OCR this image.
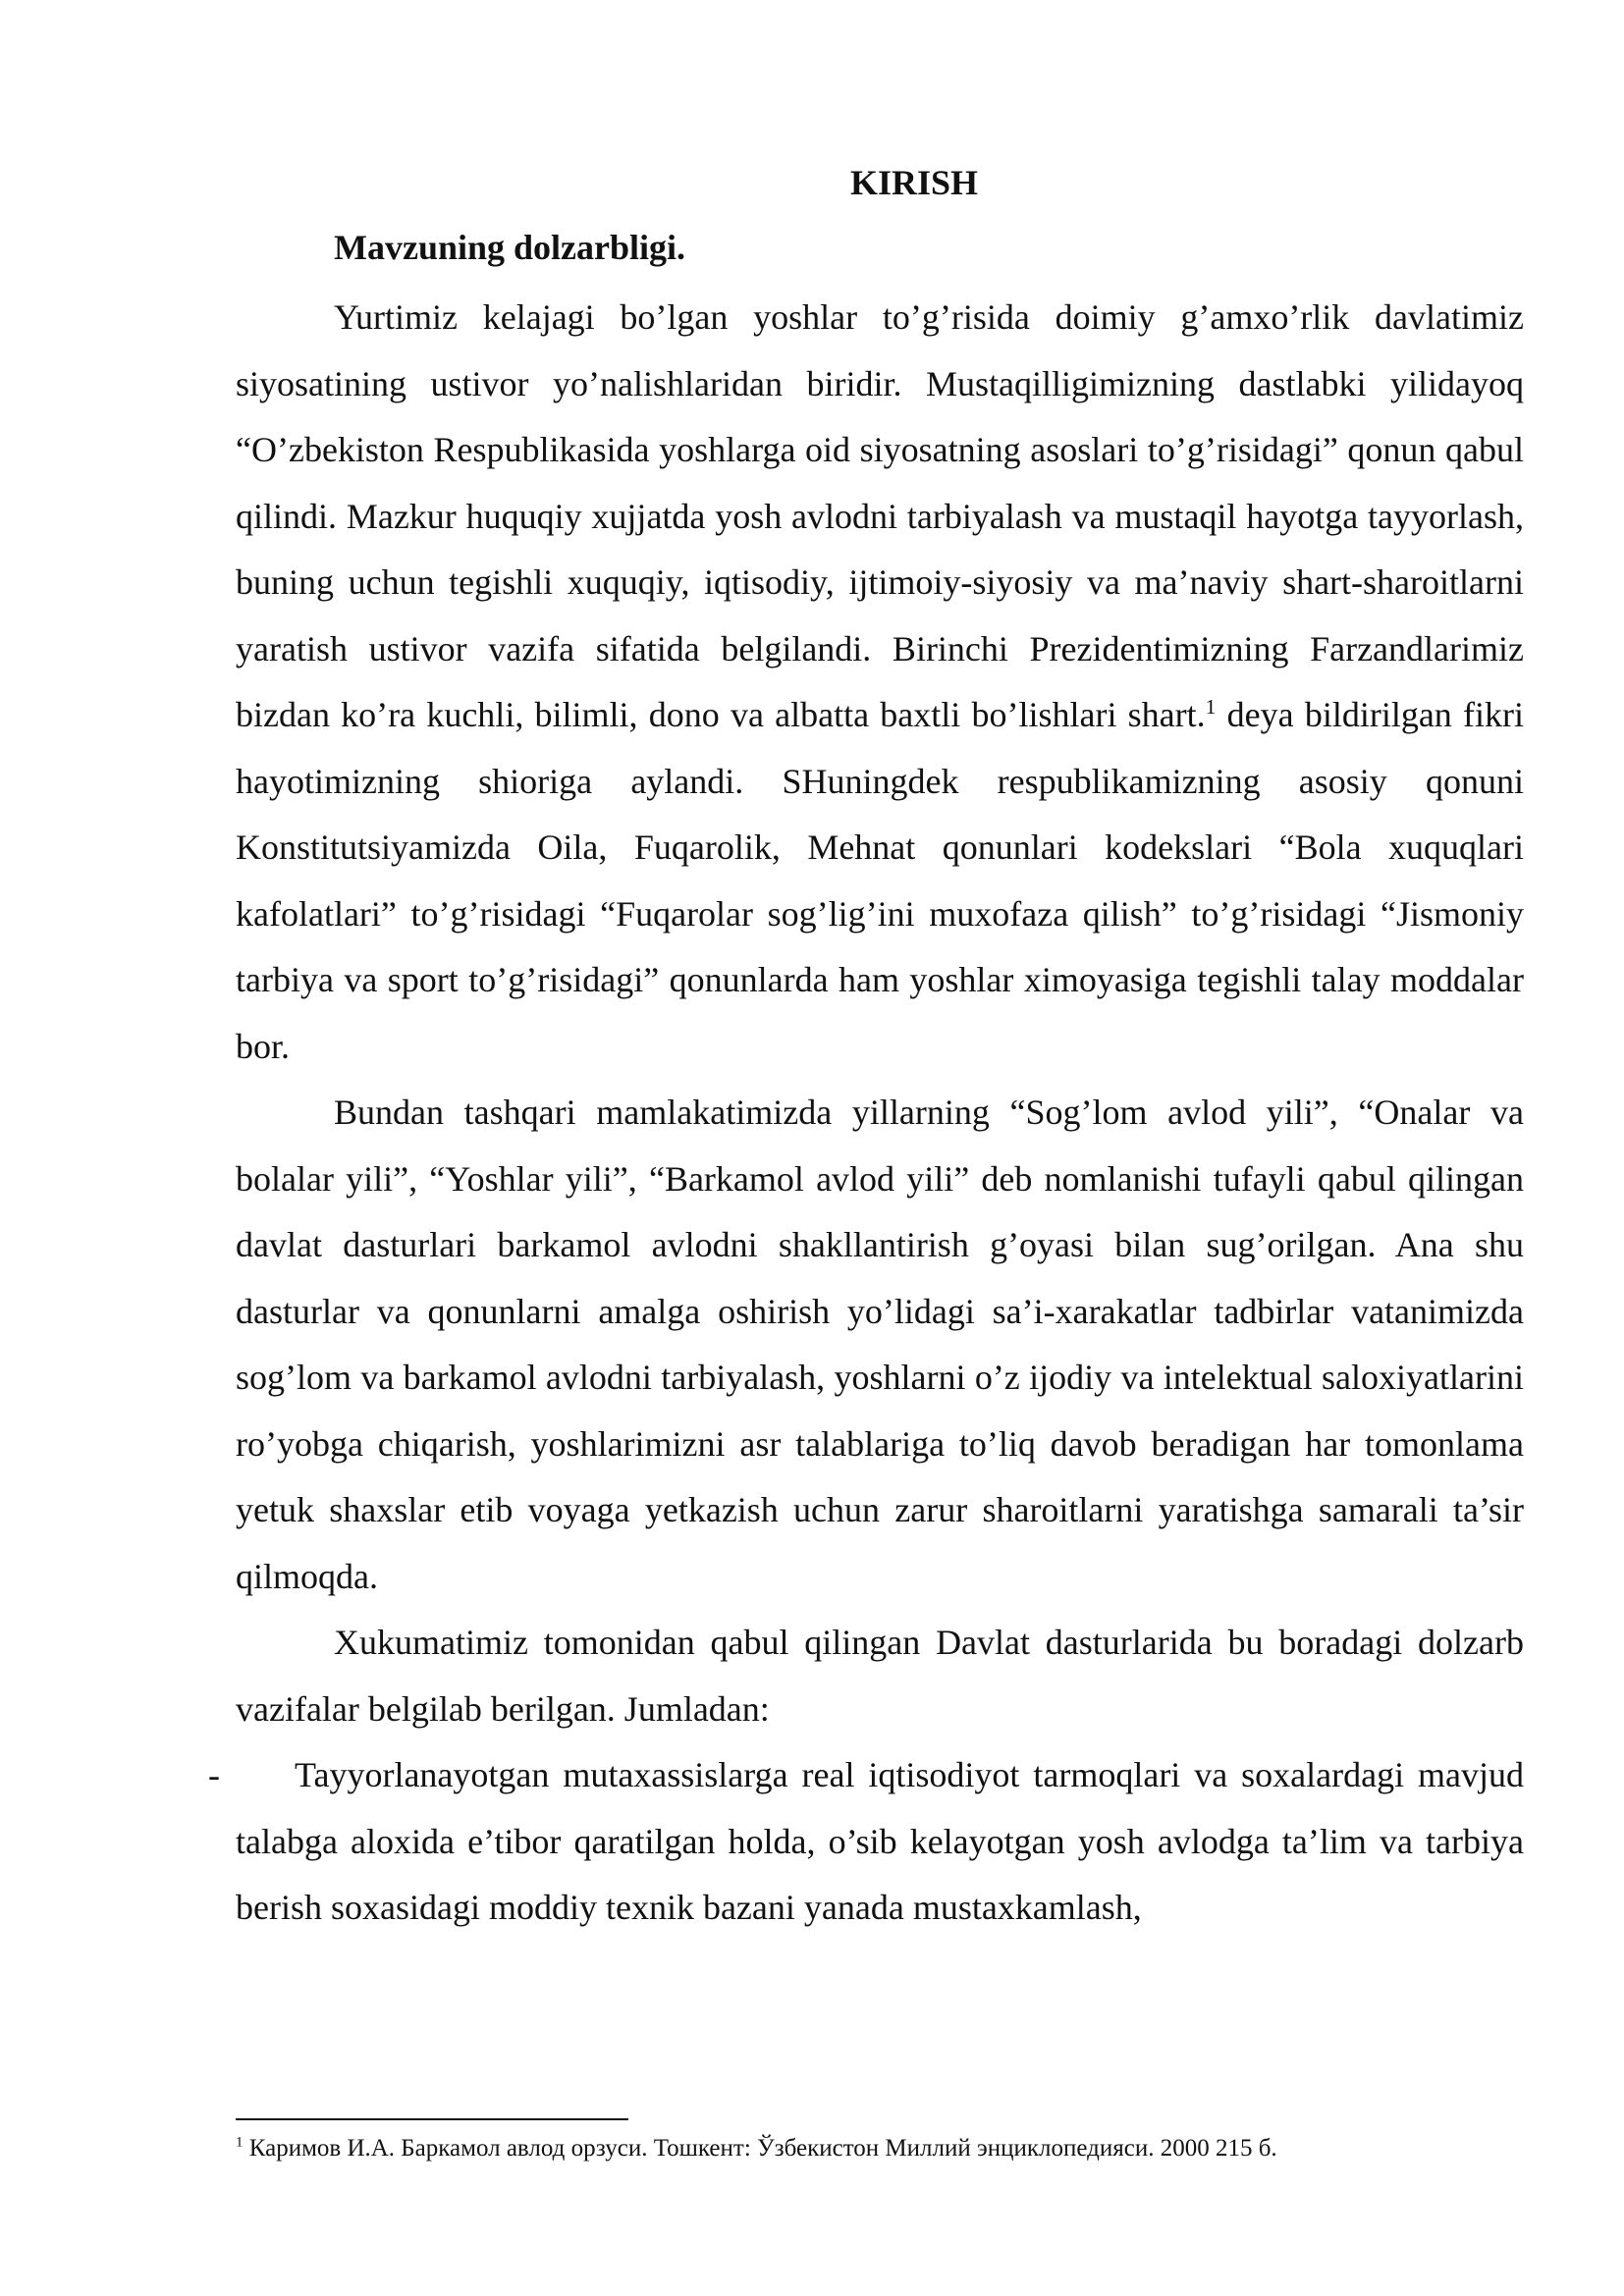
KIRISH
Mavzuning dolzarbligi.

Yurtimiz kelajagi bo’lgan yoshlar to’g’risida doimiy g’amxo’rlik davlatimiz siyosatining ustivor yo’nalishlaridan biridir. Mustaqilligimizning dastlabki yilidayoq “O’zbekiston Respublikasida yoshlarga oid siyosatning asoslari to’g’risidagi” qonun qabul qilindi. Mazkur huquqiy xujjatda yosh avlodni tarbiyalash va mustaqil hayotga tayyorlash, buning uchun tegishli xuquqiy, iqtisodiy, ijtimoiy-siyosiy va ma’naviy shart-sharoitlarni yaratish ustivor vazifa sifatida belgilandi. Birinchi Prezidentimizning Farzandlarimiz bizdan ko’ra kuchli, bilimli, dono va albatta baxtli bo’lishlari shart.$^1$ deya bildirilgan fikri hayotimizning shioriga aylandi. SHuningdek respublikamizning asosiy qonuni Konstitutsiyamizda Oila, Fuqarolik, Mehnat qonunlari kodekslari “Bola xuquqlari kafolatlari” to’g’risidagi “Fuqarolar sog’lig’ini muxofaza qilish” to’g’risidagi “Jismoniy tarbiya va sport to’g’risidagi” qonunlarda ham yoshlar ximoyasiga tegishli talay moddalar bor.

Bundan tashqari mamlakatimizda yillarning “Sog’lom avlod yili”, “Onalar va bolalar yili”, “Yoshlar yili”, “Barkamol avlod yili” deb nomlanishi tufayli qabul qilingan davlat dasturlari barkamol avlodni shakllantirish g’oyasi bilan sug’orilgan. Ana shu dasturlar va qonunlarni amalga oshirish yo’lidagi sa’i-xarakatlar tadbirlar vatanimizda sog’lom va barkamol avlodni tarbiyalash, yoshlarni o’z ijodiy va intelektual saloxiyatlarini ro’yobga chiqarish, yoshlarimizni asr talablariga to’liq davob beradigan har tomonlama yetuk shaxslar etib voyaga yetkazish uchun zarur sharoitlarni yaratishga samarali ta’sir qilmoqda.

Xukumatimiz tomonidan qabul qilingan Davlat dasturlarida bu boradagi dolzarb vazifalar belgilab berilgan. Jumladan:

- Tayyorlanayotgan mutaxassislarga real iqtisodiyot tarmoqlari va soxalardagi mavjud talabga aloxida e’tibor qaratilgan holda, o’sib kelayotgan yosh avlodga ta’lim va tarbiya berish soxasidagi moddiy texnik bazani yanada mustaxkamlash,

$^1$ Каримов И.А. Баркамол авлод орзуси. Тошкент: Ўзбекистон Миллий энциклопедияси. 2000 215 б.
